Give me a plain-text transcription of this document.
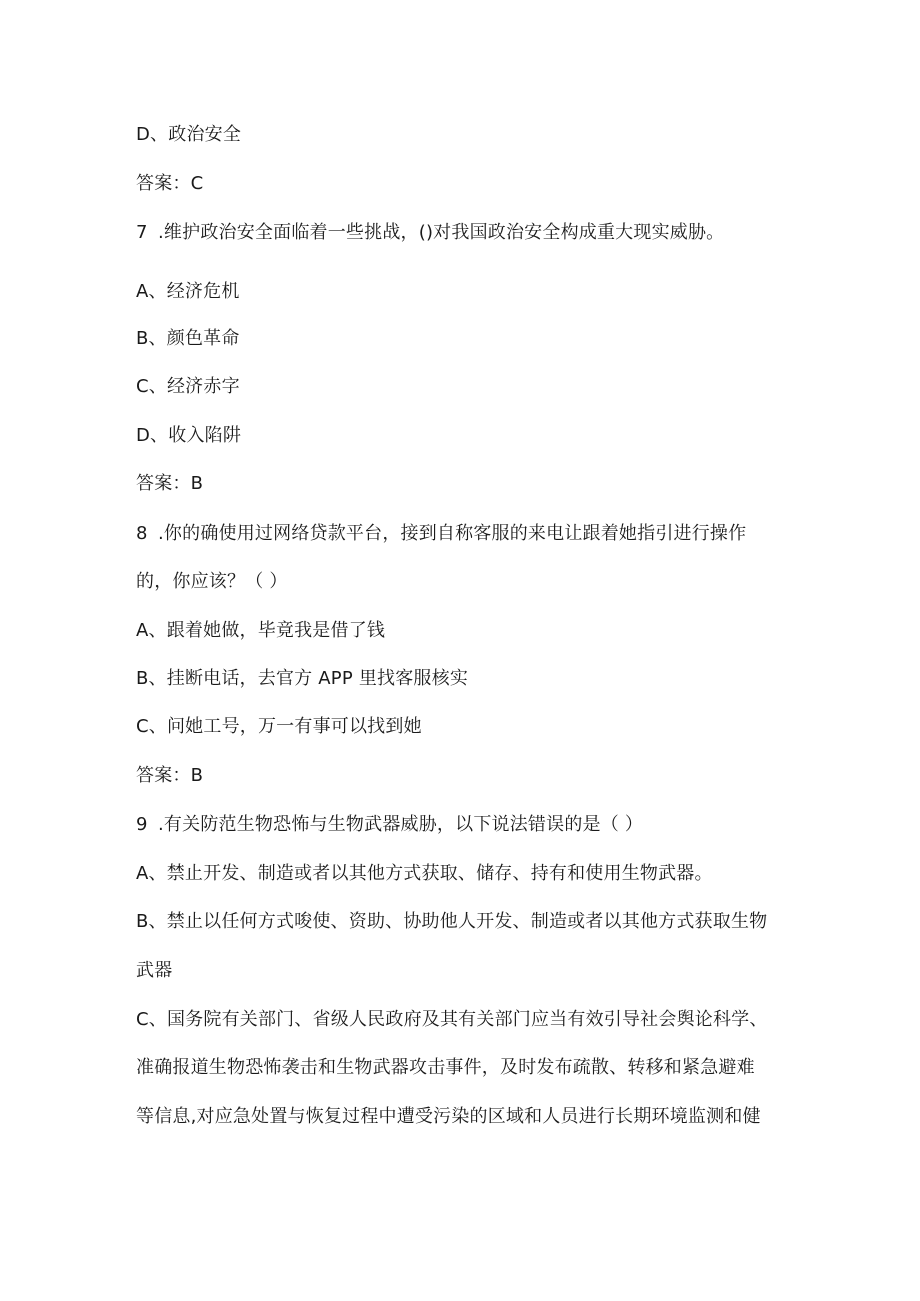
D、政治安全
答案：C
7 .维护政治安全面临着一些挑战，()对我国政治安全构成重大现实威胁。
A、经济危机
B、颜色革命
C、经济赤字
D、收入陷阱
答案：B
8 .你的确使用过网络贷款平台，接到自称客服的来电让跟着她指引进行操作
的，你应该？（ ）
A、跟着她做，毕竟我是借了钱
B、挂断电话，去官方 APP 里找客服核实
C、问她工号，万一有事可以找到她
答案：B
9 .有关防范生物恐怖与生物武器威胁，以下说法错误的是（ ）
A、禁止开发、制造或者以其他方式获取、储存、持有和使用生物武器。
B、禁止以任何方式唆使、资助、协助他人开发、制造或者以其他方式获取生物
武器
C、国务院有关部门、省级人民政府及其有关部门应当有效引导社会舆论科学、
准确报道生物恐怖袭击和生物武器攻击事件，及时发布疏散、转移和紧急避难
等信息,对应急处置与恢复过程中遭受污染的区域和人员进行长期环境监测和健
